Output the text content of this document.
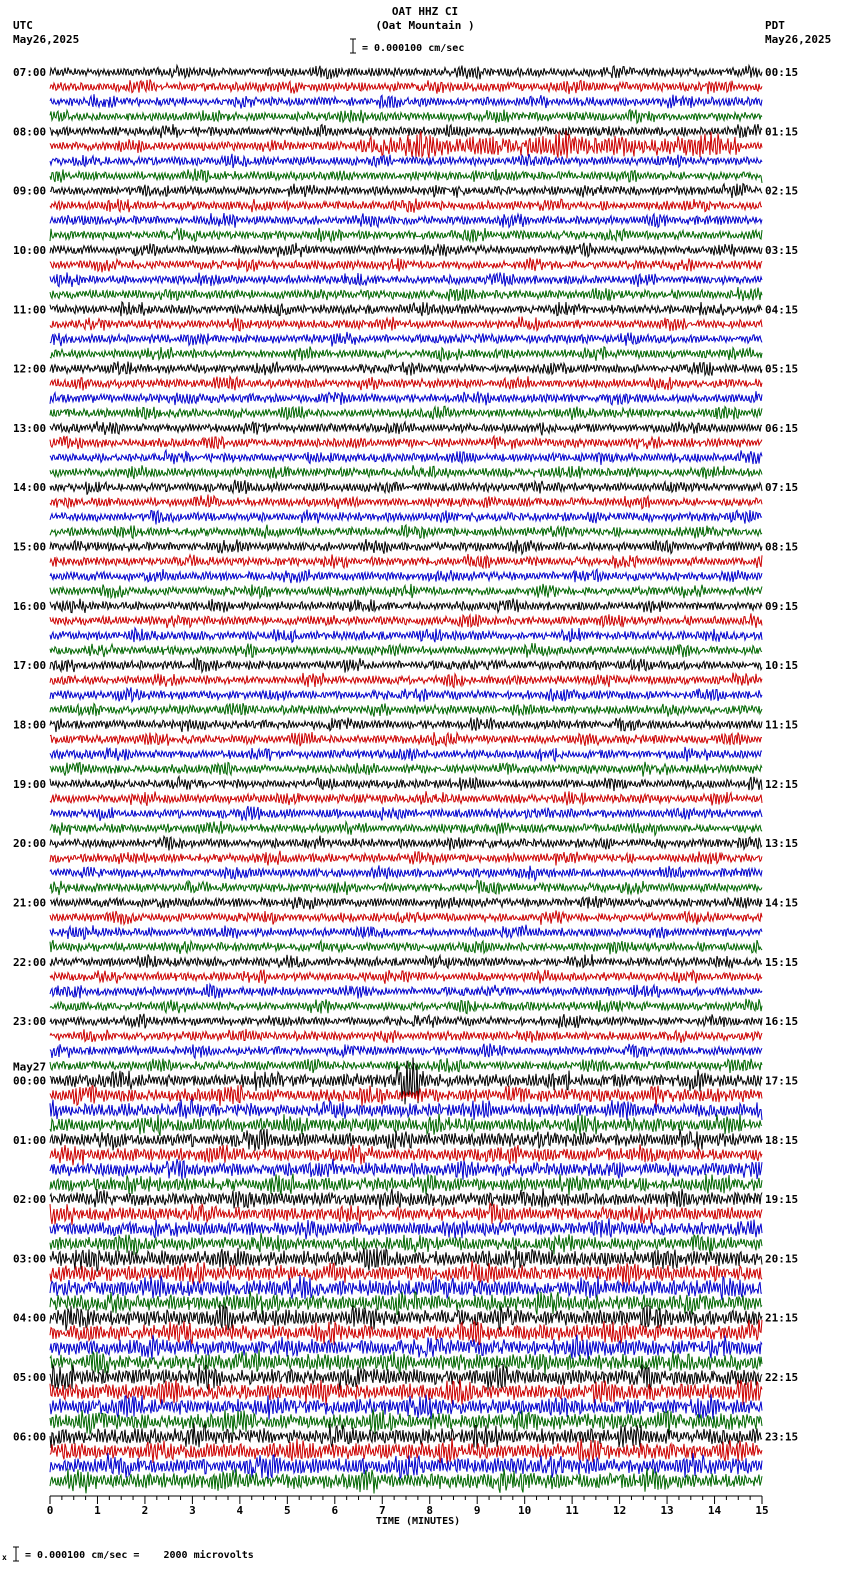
OAT HHZ CI
(Oat Mountain )
= 0.000100 cm/sec
UTC
May26,2025
PDT
May26,2025
0	1	2	3	4	5	6	7	8	9	10	11	12	13	14	15
TIME (MINUTES)
07:00
08:00
09:00
10:00
11:00
12:00
13:00
14:00
15:00
16:00
17:00
18:00
19:00
20:00
21:00
22:00
23:00
00:00
May27
01:00
02:00
03:00
04:00
05:00
06:00
00:15
01:15
02:15
03:15
04:15
05:15
06:15
07:15
08:15
09:15
10:15
11:15
12:15
13:15
14:15
15:15
16:15
17:15
18:15
19:15
20:15
21:15
22:15
23:15
x = 0.000100 cm/sec =    2000 microvolts
